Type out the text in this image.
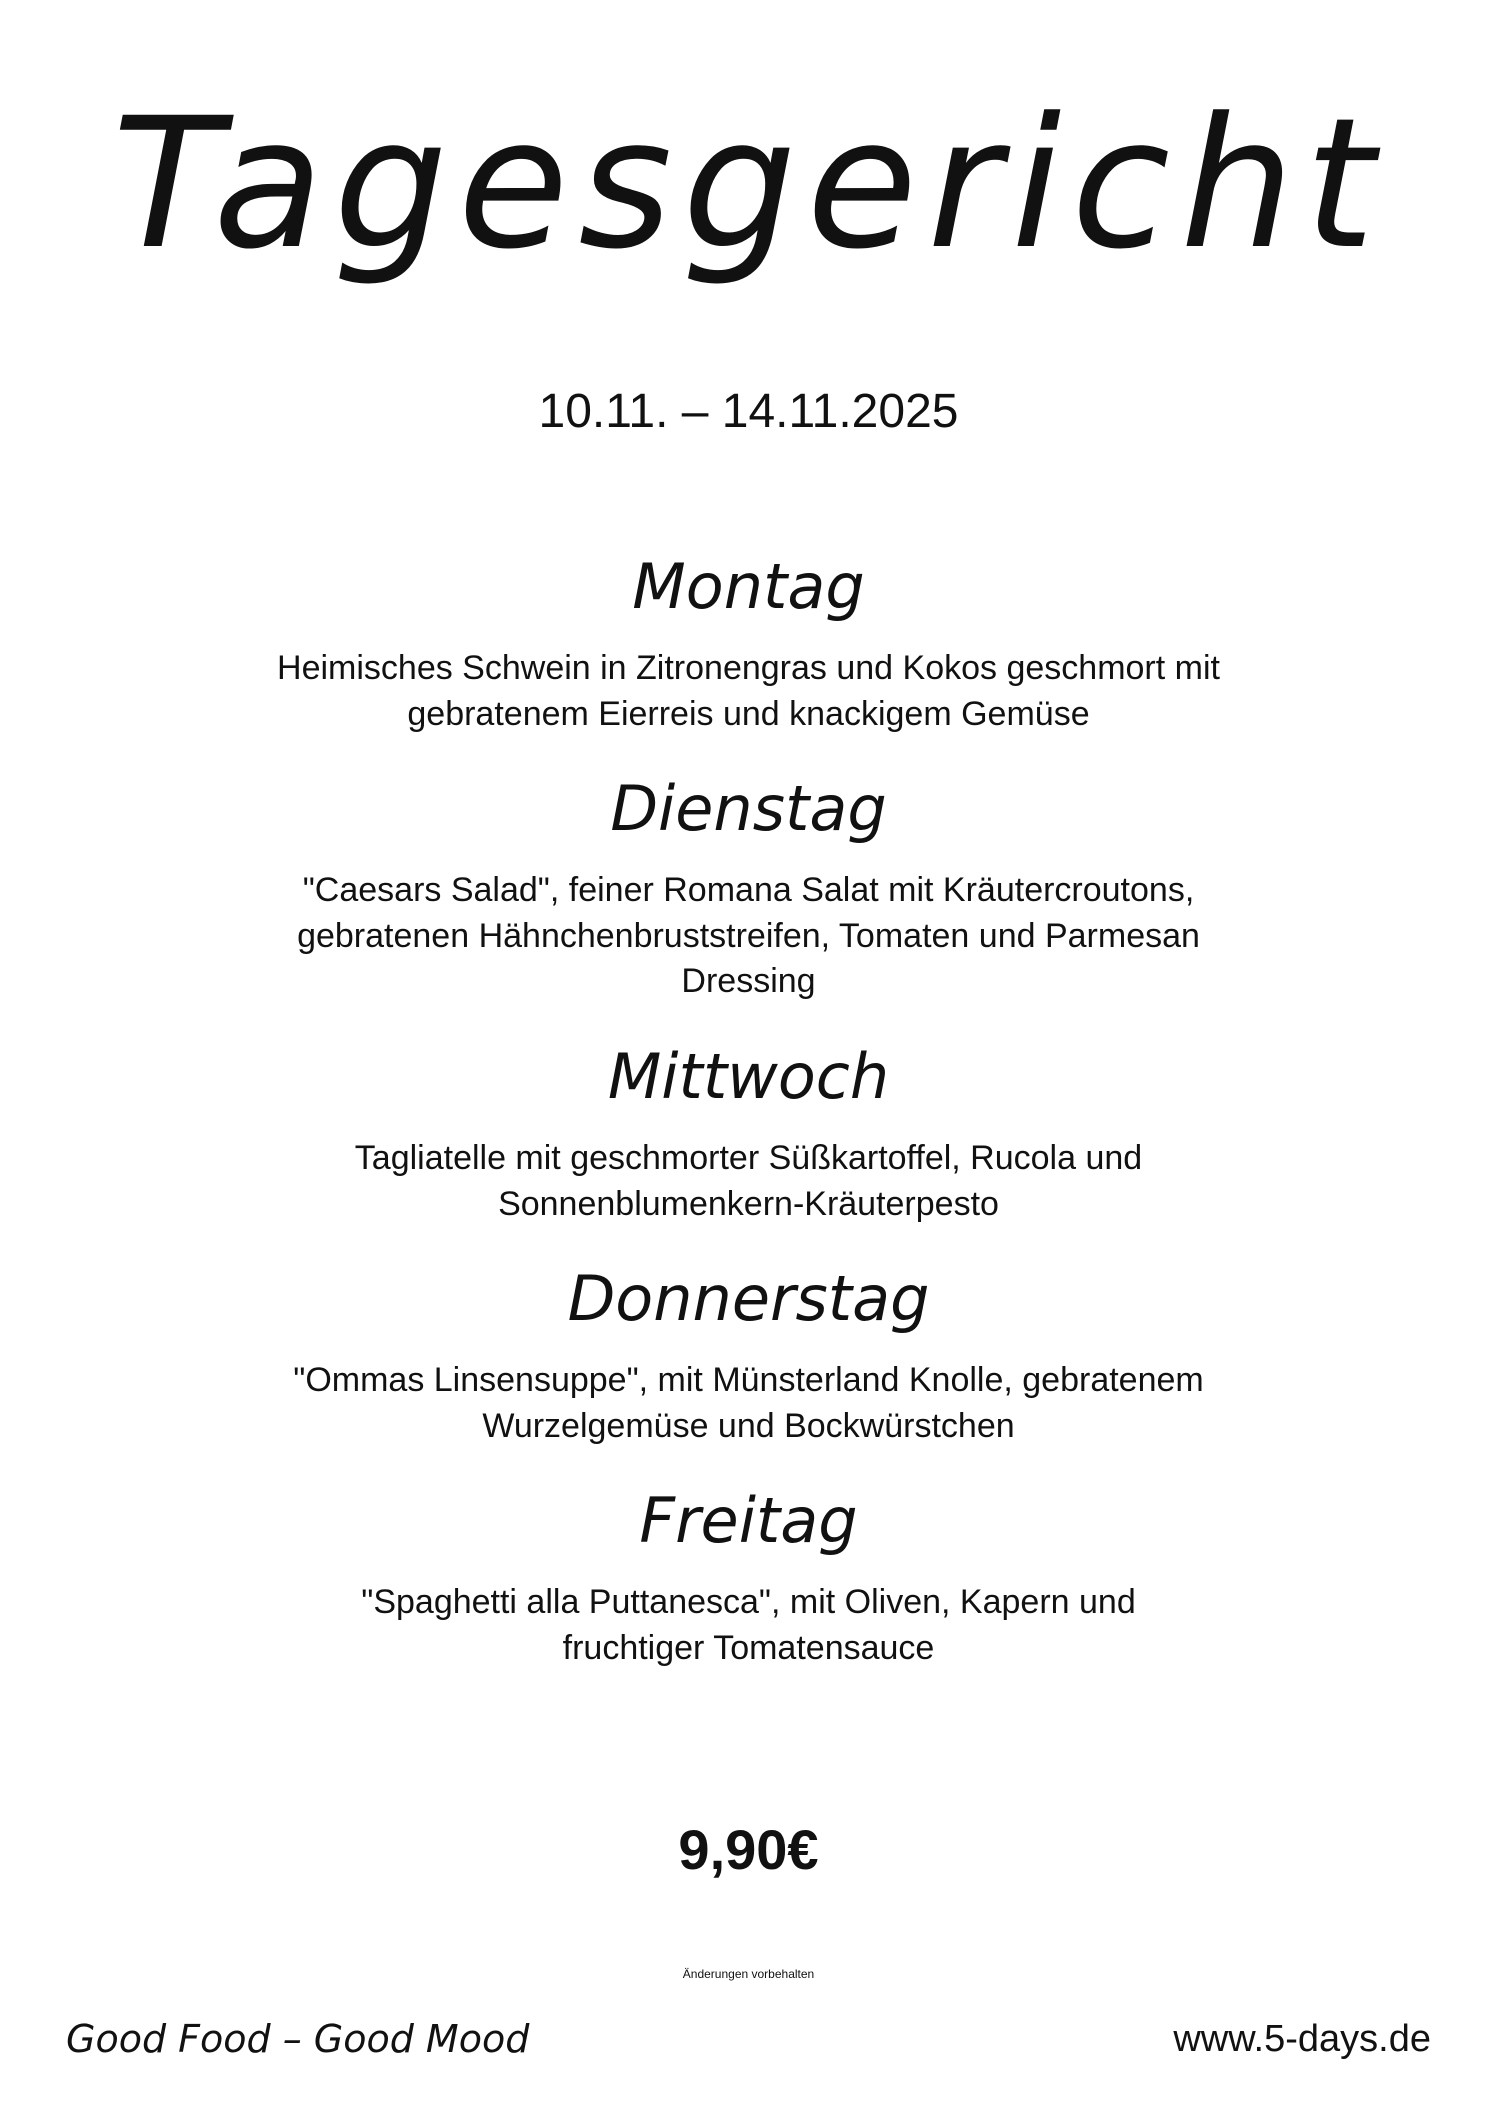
Tagesgericht
10.11. – 14.11.2025
Montag
Heimisches Schwein in Zitronengras und Kokos geschmort mit
gebratenem Eierreis und knackigem Gemüse
Dienstag
"Caesars Salad", feiner Romana Salat mit Kräutercroutons,
gebratenen Hähnchenbruststreifen, Tomaten und Parmesan
Dressing
Mittwoch
Tagliatelle mit geschmorter Süßkartoffel, Rucola und
Sonnenblumenkern-Kräuterpesto
Donnerstag
"Ommas Linsensuppe", mit Münsterland Knolle, gebratenem
Wurzelgemüse und Bockwürstchen
Freitag
"Spaghetti alla Puttanesca", mit Oliven, Kapern und
fruchtiger Tomatensauce
9,90€
Änderungen vorbehalten
Good Food – Good Mood	www.5-days.de
